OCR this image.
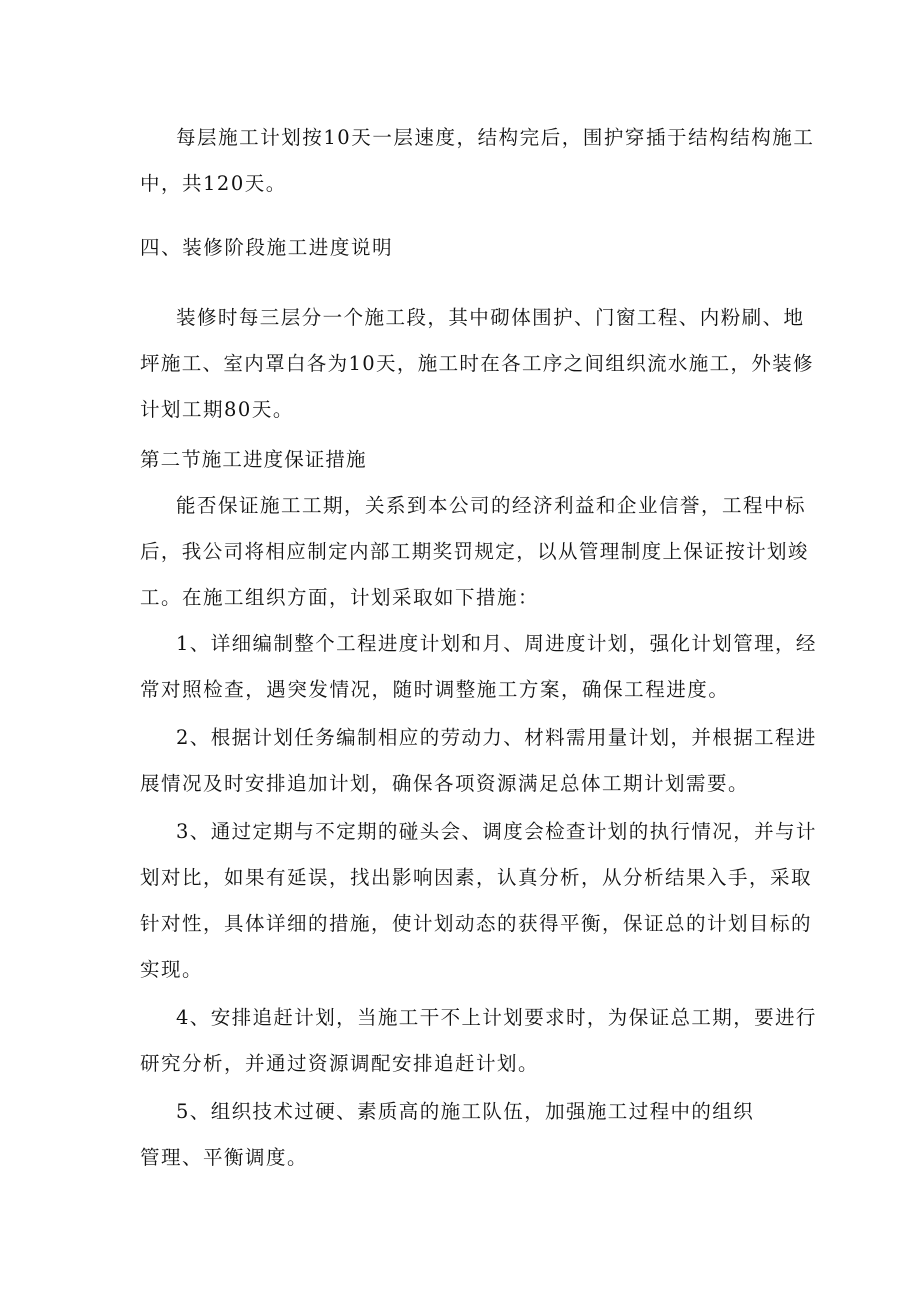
每层施工计划按10天一层速度，结构完后，围护穿插于结构结构施工
中，共120天。
四、装修阶段施工进度说明
装修时每三层分一个施工段，其中砌体围护、门窗工程、内粉刷、地
坪施工、室内罩白各为10天，施工时在各工序之间组织流水施工，外装修
计划工期80天。
第二节施工进度保证措施
能否保证施工工期，关系到本公司的经济利益和企业信誉，工程中标
后，我公司将相应制定内部工期奖罚规定，以从管理制度上保证按计划竣
工。在施工组织方面，计划采取如下措施：
1、详细编制整个工程进度计划和月、周进度计划，强化计划管理，经
常对照检查，遇突发情况，随时调整施工方案，确保工程进度。
2、根据计划任务编制相应的劳动力、材料需用量计划，并根据工程进
展情况及时安排追加计划，确保各项资源满足总体工期计划需要。
3、通过定期与不定期的碰头会、调度会检查计划的执行情况，并与计
划对比，如果有延误，找出影响因素，认真分析，从分析结果入手，采取
针对性，具体详细的措施，使计划动态的获得平衡，保证总的计划目标的
实现。
4、安排追赶计划，当施工干不上计划要求时，为保证总工期，要进行
研究分析，并通过资源调配安排追赶计划。
5、组织技术过硬、素质高的施工队伍，加强施工过程中的组织
管理、平衡调度。
